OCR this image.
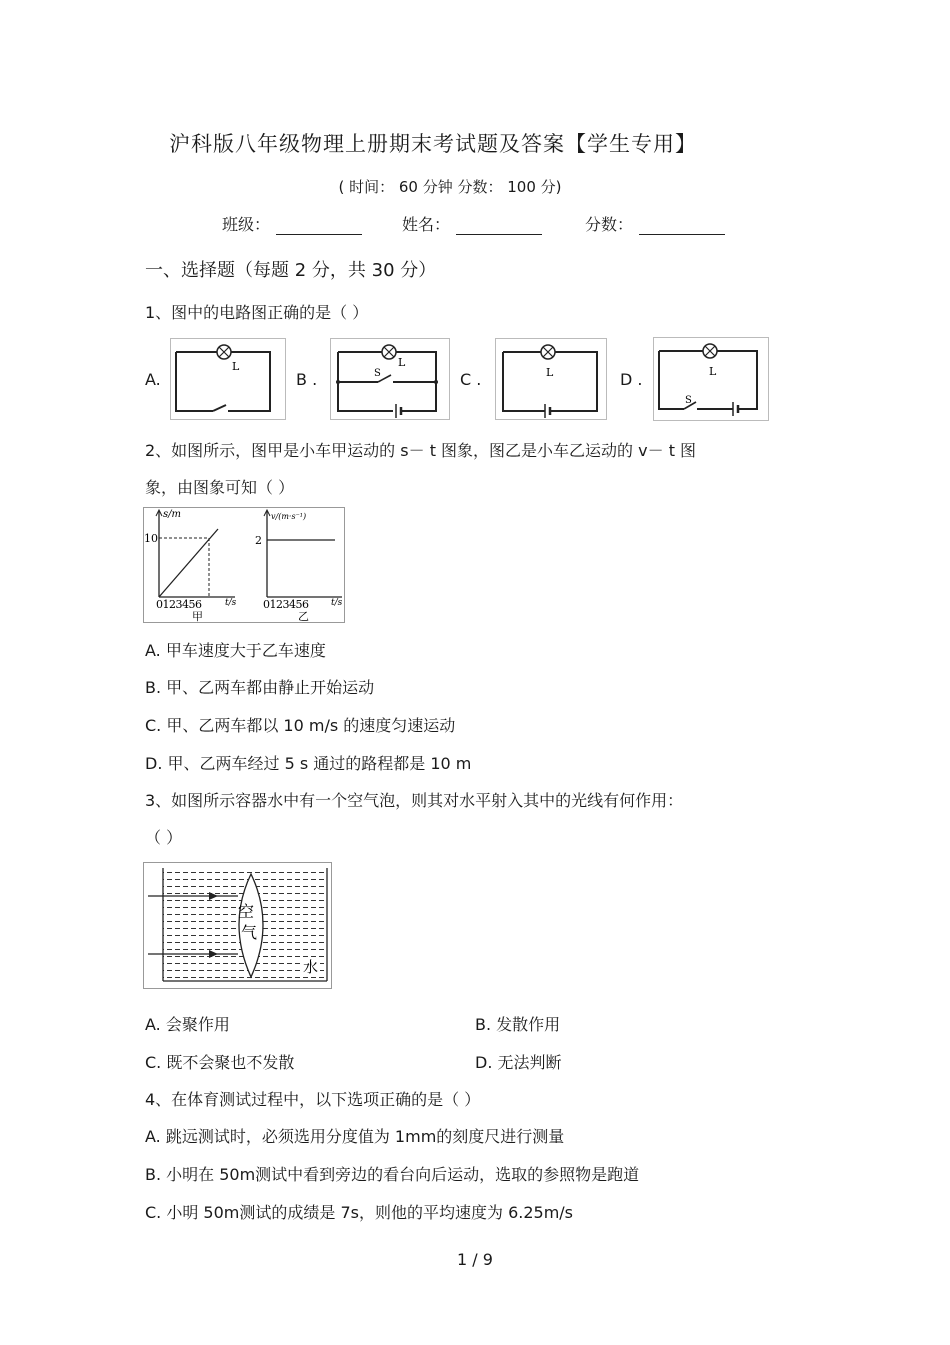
沪科版八年级物理上册期末考试题及答案【学生专用】
( 时间： 60 分钟 分数： 100 分)
班级：	姓名：	分数：
一、选择题（每题 2 分，共 30 分）
1、图中的电路图正确的是（ ）
A.
L
B .
L
S	C .	L	D .	L
S
2、如图所示，图甲是小车甲运动的 s－ t 图象，图乙是小车乙运动的 v－ t 图
象，由图象可知（ ）
s/m
10
0123456	t/s
甲
v/(m·s⁻¹)
2
0123456	t/s
乙
A. 甲车速度大于乙车速度
B. 甲、乙两车都由静止开始运动
C. 甲、乙两车都以 10 m/s 的速度匀速运动
D. 甲、乙两车经过 5 s 通过的路程都是 10 m
3、如图所示容器水中有一个空气泡，则其对水平射入其中的光线有何作用：
（ ）
空
气
水
A. 会聚作用	B. 发散作用
C. 既不会聚也不发散	D. 无法判断
4、在体育测试过程中，以下选项正确的是（ ）
A. 跳远测试时，必须选用分度值为 1mm的刻度尺进行测量
B. 小明在 50m测试中看到旁边的看台向后运动，选取的参照物是跑道
C. 小明 50m测试的成绩是 7s，则他的平均速度为 6.25m/s
1 / 9
